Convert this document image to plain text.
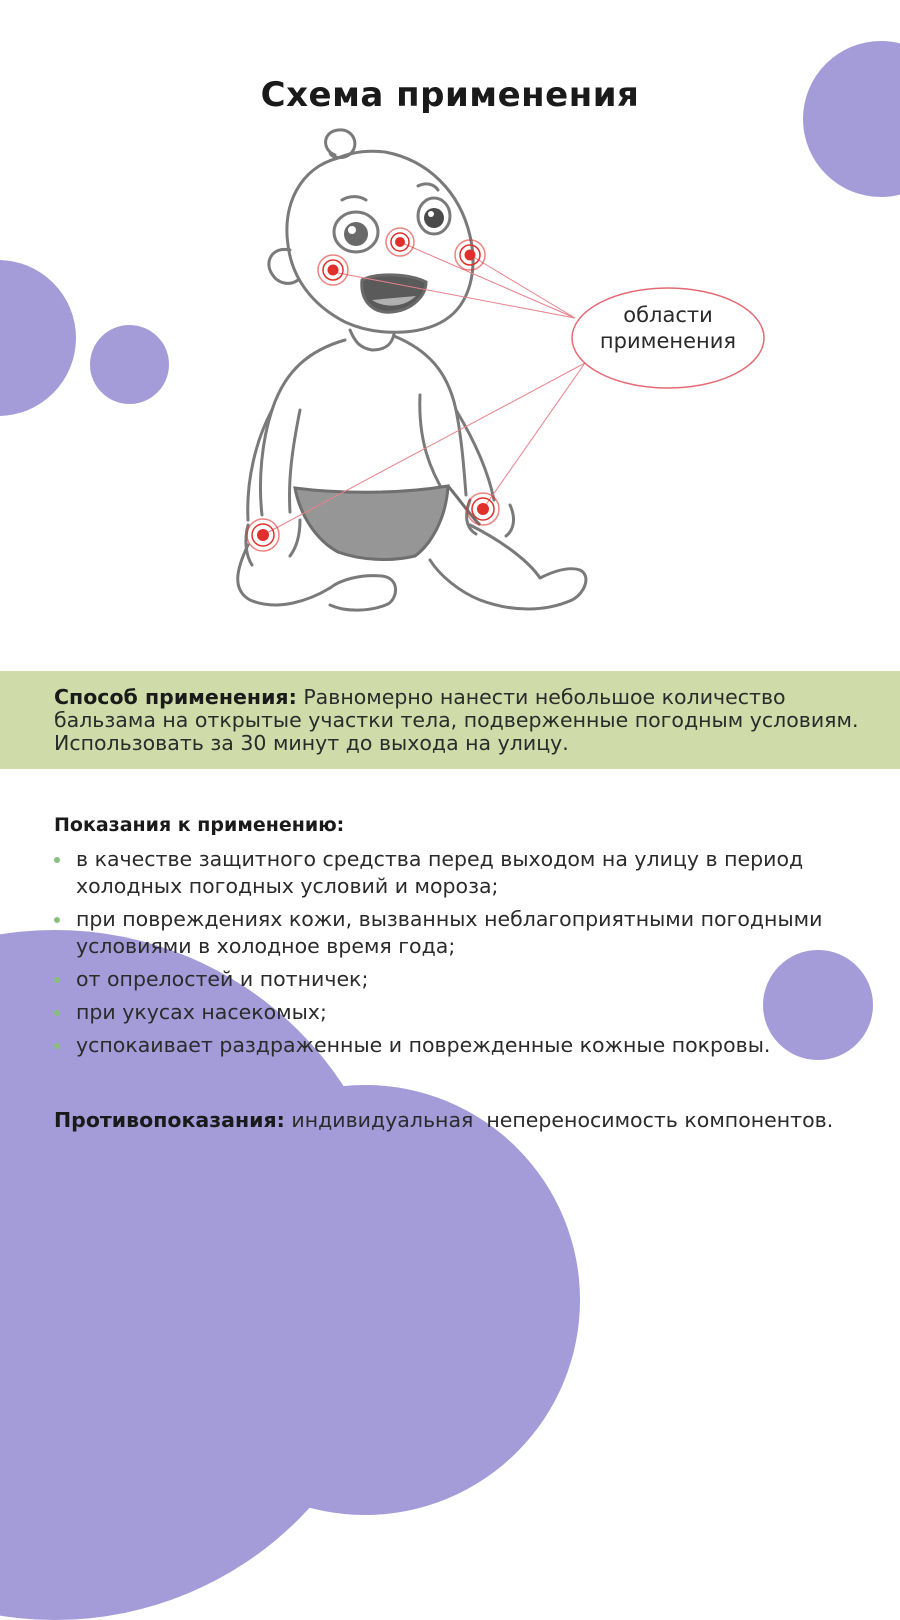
Схема применения
области
применения

Способ применения: Равномерно нанести небольшое количество бальзама на открытые участки тела, подверженные погодным условиям. Использовать за 30 минут до выхода на улицу.

Показания к применению:
в качестве защитного средства перед выходом на улицу в период холодных погодных условий и мороза;
при повреждениях кожи, вызванных неблагоприятными погодными условиями в холодное время года;
от опрелостей и потничек;
при укусах насекомых;
успокаивает раздраженные и поврежденные кожные покровы.
Противопоказания: индивидуальная  непереносимость компонентов.
